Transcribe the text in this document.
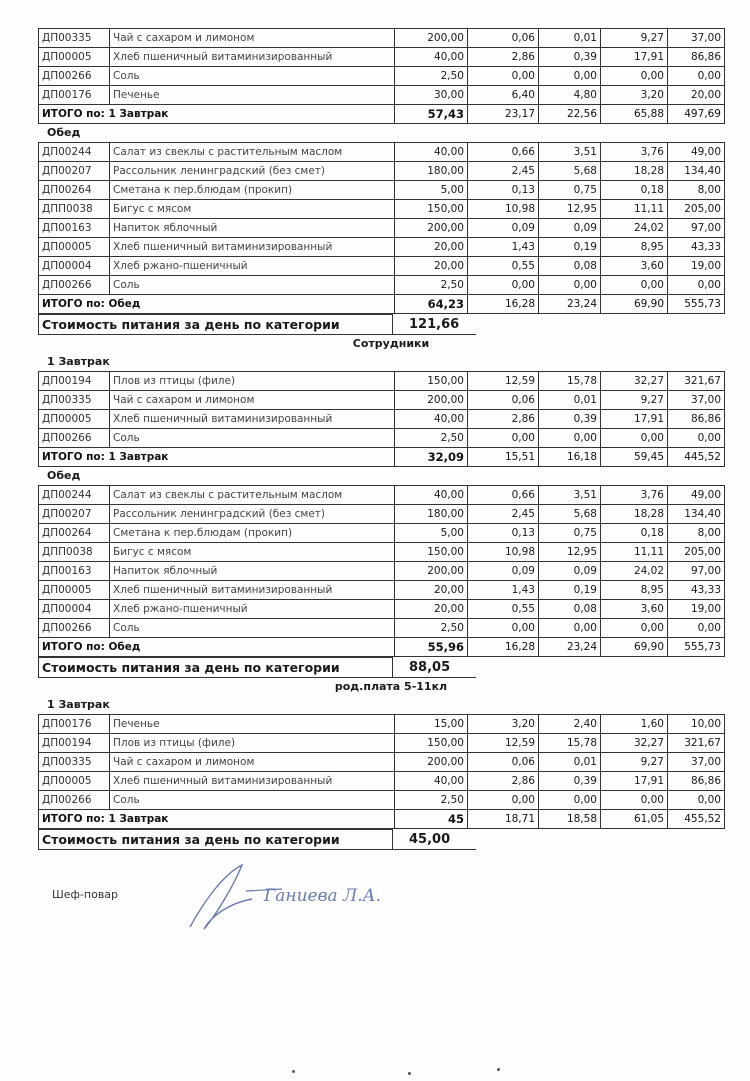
ДП00335	Чай с сахаром и лимоном	200,00	0,06	0,01	9,27	37,00
ДП00005	Хлеб пшеничный витаминизированный	40,00	2,86	0,39	17,91	86,86
ДП00266	Соль	2,50	0,00	0,00	0,00	0,00
ДП00176	Печенье	30,00	6,40	4,80	3,20	20,00
ИТОГО по: 1 Завтрак		57,43	23,17	22,56	65,88	497,69
Обед
ДП00244	Салат из свеклы с растительным маслом	40,00	0,66	3,51	3,76	49,00
ДП00207	Рассольник ленинградский (без смет)	180,00	2,45	5,68	18,28	134,40
ДП00264	Сметана к пер.блюдам (прокип)	5,00	0,13	0,75	0,18	8,00
ДПП0038	Бигус с мясом	150,00	10,98	12,95	11,11	205,00
ДП00163	Напиток яблочный	200,00	0,09	0,09	24,02	97,00
ДП00005	Хлеб пшеничный витаминизированный	20,00	1,43	0,19	8,95	43,33
ДП00004	Хлеб ржано-пшеничный	20,00	0,55	0,08	3,60	19,00
ДП00266	Соль	2,50	0,00	0,00	0,00	0,00
ИТОГО по: Обед		64,23	16,28	23,24	69,90	555,73
Стоимость питания за день по категории	121,66	
Сотрудники
1 Завтрак
ДП00194	Плов из птицы (филе)	150,00	12,59	15,78	32,27	321,67
ДП00335	Чай с сахаром и лимоном	200,00	0,06	0,01	9,27	37,00
ДП00005	Хлеб пшеничный витаминизированный	40,00	2,86	0,39	17,91	86,86
ДП00266	Соль	2,50	0,00	0,00	0,00	0,00
ИТОГО по: 1 Завтрак		32,09	15,51	16,18	59,45	445,52
Обед
ДП00244	Салат из свеклы с растительным маслом	40,00	0,66	3,51	3,76	49,00
ДП00207	Рассольник ленинградский (без смет)	180,00	2,45	5,68	18,28	134,40
ДП00264	Сметана к пер.блюдам (прокип)	5,00	0,13	0,75	0,18	8,00
ДПП0038	Бигус с мясом	150,00	10,98	12,95	11,11	205,00
ДП00163	Напиток яблочный	200,00	0,09	0,09	24,02	97,00
ДП00005	Хлеб пшеничный витаминизированный	20,00	1,43	0,19	8,95	43,33
ДП00004	Хлеб ржано-пшеничный	20,00	0,55	0,08	3,60	19,00
ДП00266	Соль	2,50	0,00	0,00	0,00	0,00
ИТОГО по: Обед		55,96	16,28	23,24	69,90	555,73
Стоимость питания за день по категории	88,05	
род.плата 5-11кл
1 Завтрак
ДП00176	Печенье	15,00	3,20	2,40	1,60	10,00
ДП00194	Плов из птицы (филе)	150,00	12,59	15,78	32,27	321,67
ДП00335	Чай с сахаром и лимоном	200,00	0,06	0,01	9,27	37,00
ДП00005	Хлеб пшеничный витаминизированный	40,00	2,86	0,39	17,91	86,86
ДП00266	Соль	2,50	0,00	0,00	0,00	0,00
ИТОГО по: 1 Завтрак		45	18,71	18,58	61,05	455,52
Стоимость питания за день по категории	45,00	
Шеф-повар	Ганиева Л.А.
